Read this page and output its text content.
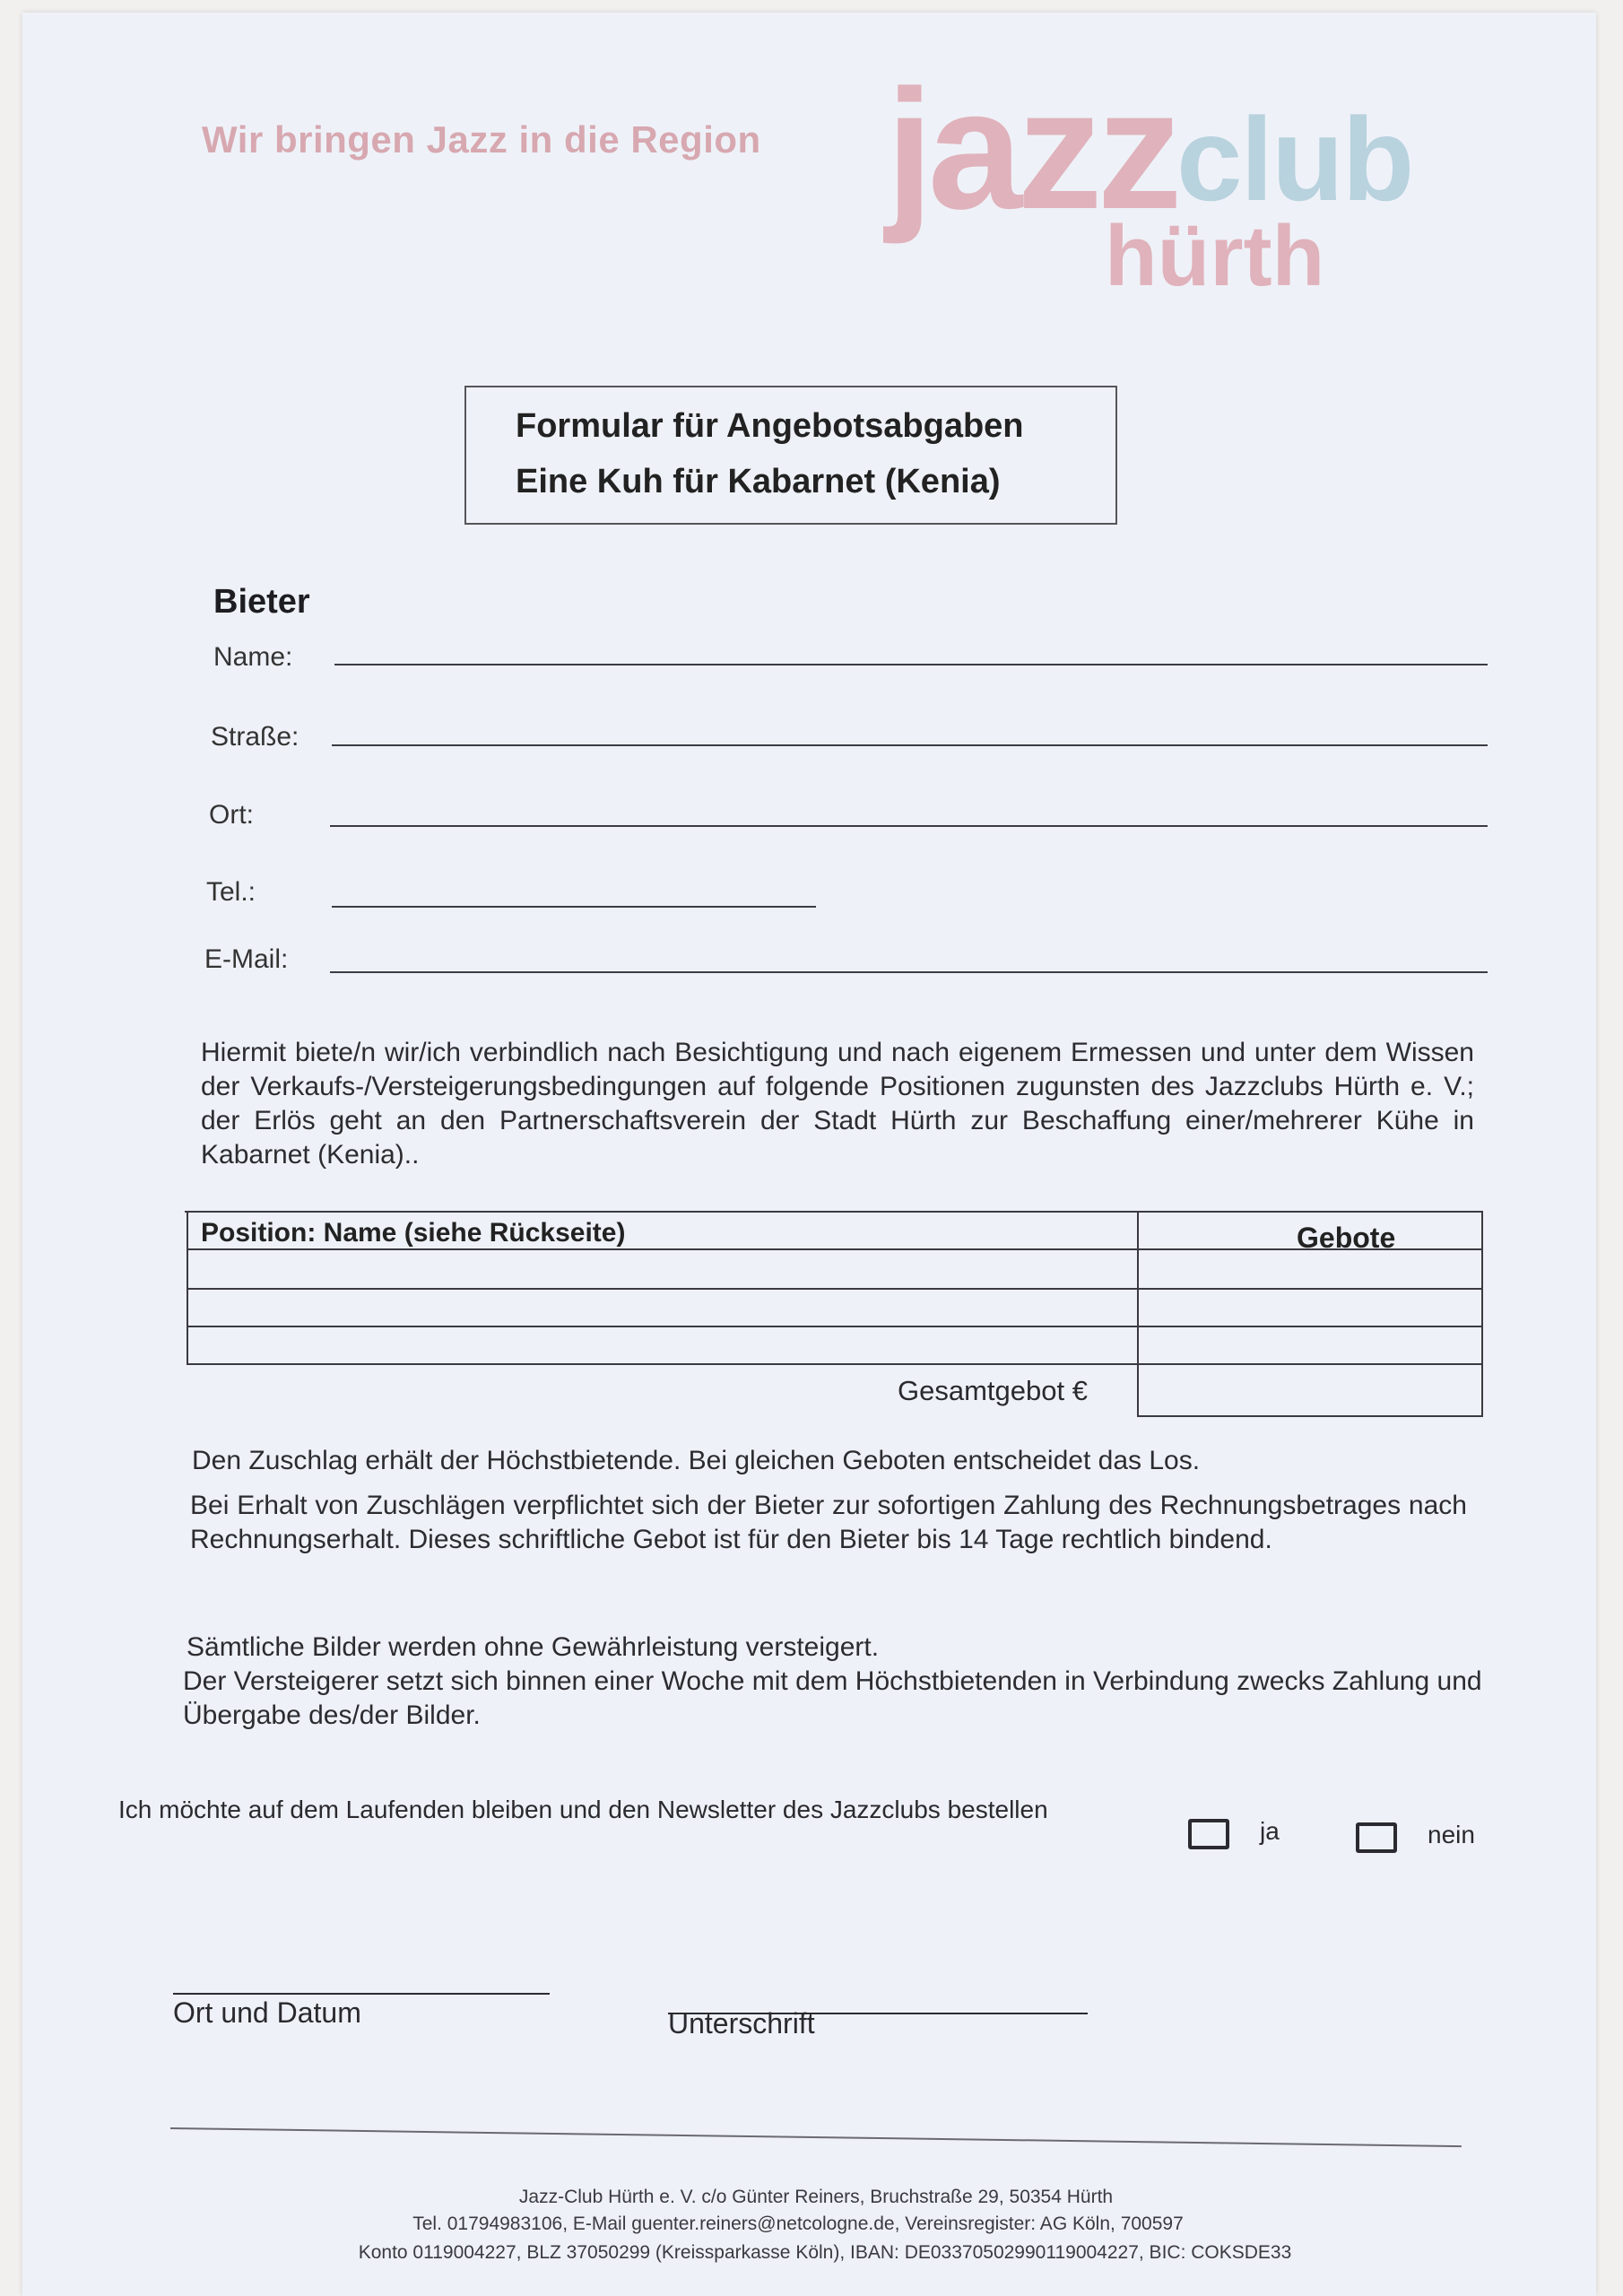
Wir bringen Jazz in die Region jazz club
hürth
Formular für Angebotsabgaben
Eine Kuh für Kabarnet (Kenia)
Bieter
Name:
Straße:
Ort:
Tel.:
E-Mail:
Hiermit biete/n wir/ich verbindlich nach Besichtigung und nach eigenem Ermessen und unter dem Wissen der Verkaufs-/Versteigerungsbedingungen auf folgende Positionen zugunsten des Jazzclubs Hürth e. V.; der Erlös geht an den Partnerschaftsverein der Stadt Hürth zur Beschaffung einer/mehrerer Kühe in Kabarnet (Kenia)..
Position: Name (siehe Rückseite)	Gebote
Gesamtgebot €
Den Zuschlag erhält der Höchstbietende. Bei gleichen Geboten entscheidet das Los.
Bei Erhalt von Zuschlägen verpflichtet sich der Bieter zur sofortigen Zahlung des Rechnungsbetrages nach Rechnungserhalt. Dieses schriftliche Gebot ist für den Bieter bis 14 Tage rechtlich bindend.
Sämtliche Bilder werden ohne Gewährleistung versteigert.
Der Versteigerer setzt sich binnen einer Woche mit dem Höchstbietenden in Verbindung zwecks Zahlung und Übergabe des/der Bilder.
Ich möchte auf dem Laufenden bleiben und den Newsletter des Jazzclubs bestellen
ja	nein
Ort und Datum	Unterschrift
Jazz-Club Hürth e. V. c/o Günter Reiners, Bruchstraße 29, 50354 Hürth
Tel. 01794983106, E-Mail guenter.reiners@netcologne.de, Vereinsregister: AG Köln, 700597
Konto 0119004227, BLZ 37050299 (Kreissparkasse Köln), IBAN: DE03370502990119004227, BIC: COKSDE33
